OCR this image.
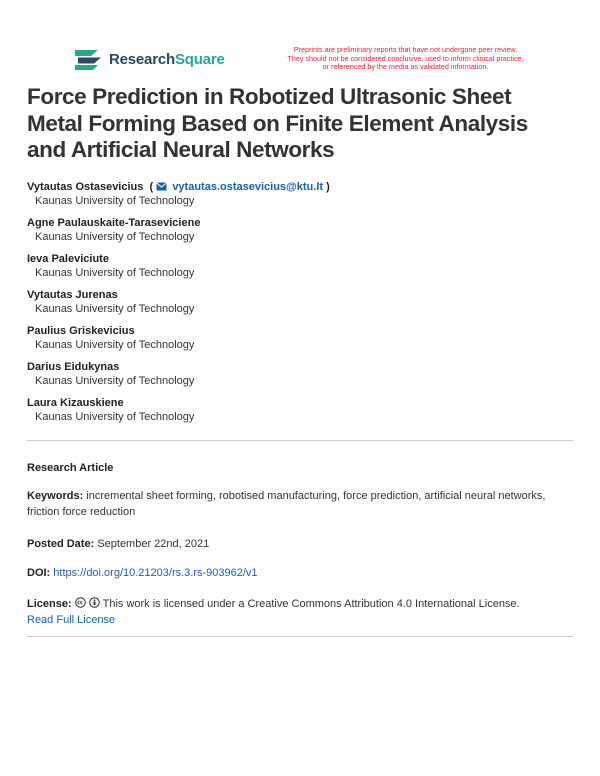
ResearchSquare
Preprints are preliminary reports that have not undergone peer review.
They should not be considered conclusive, used to inform clinical practice,
or referenced by the media as validated information.
Force Prediction in Robotized Ultrasonic Sheet Metal Forming Based on Finite Element Analysis and Artificial Neural Networks
Vytautas Ostasevicius  ( vytautas.ostasevicius@ktu.lt )
Kaunas University of Technology
Agne Paulauskaite-Taraseviciene
Kaunas University of Technology
Ieva Paleviciute
Kaunas University of Technology
Vytautas Jurenas
Kaunas University of Technology
Paulius Griskevicius
Kaunas University of Technology
Darius Eidukynas
Kaunas University of Technology
Laura Kizauskiene
Kaunas University of Technology
Research Article
Keywords: incremental sheet forming, robotised manufacturing, force prediction, artificial neural networks, friction force reduction
Posted Date: September 22nd, 2021
DOI: https://doi.org/10.21203/rs.3.rs-903962/v1
License:	This work is licensed under a Creative Commons Attribution 4.0 International License.
Read Full License
